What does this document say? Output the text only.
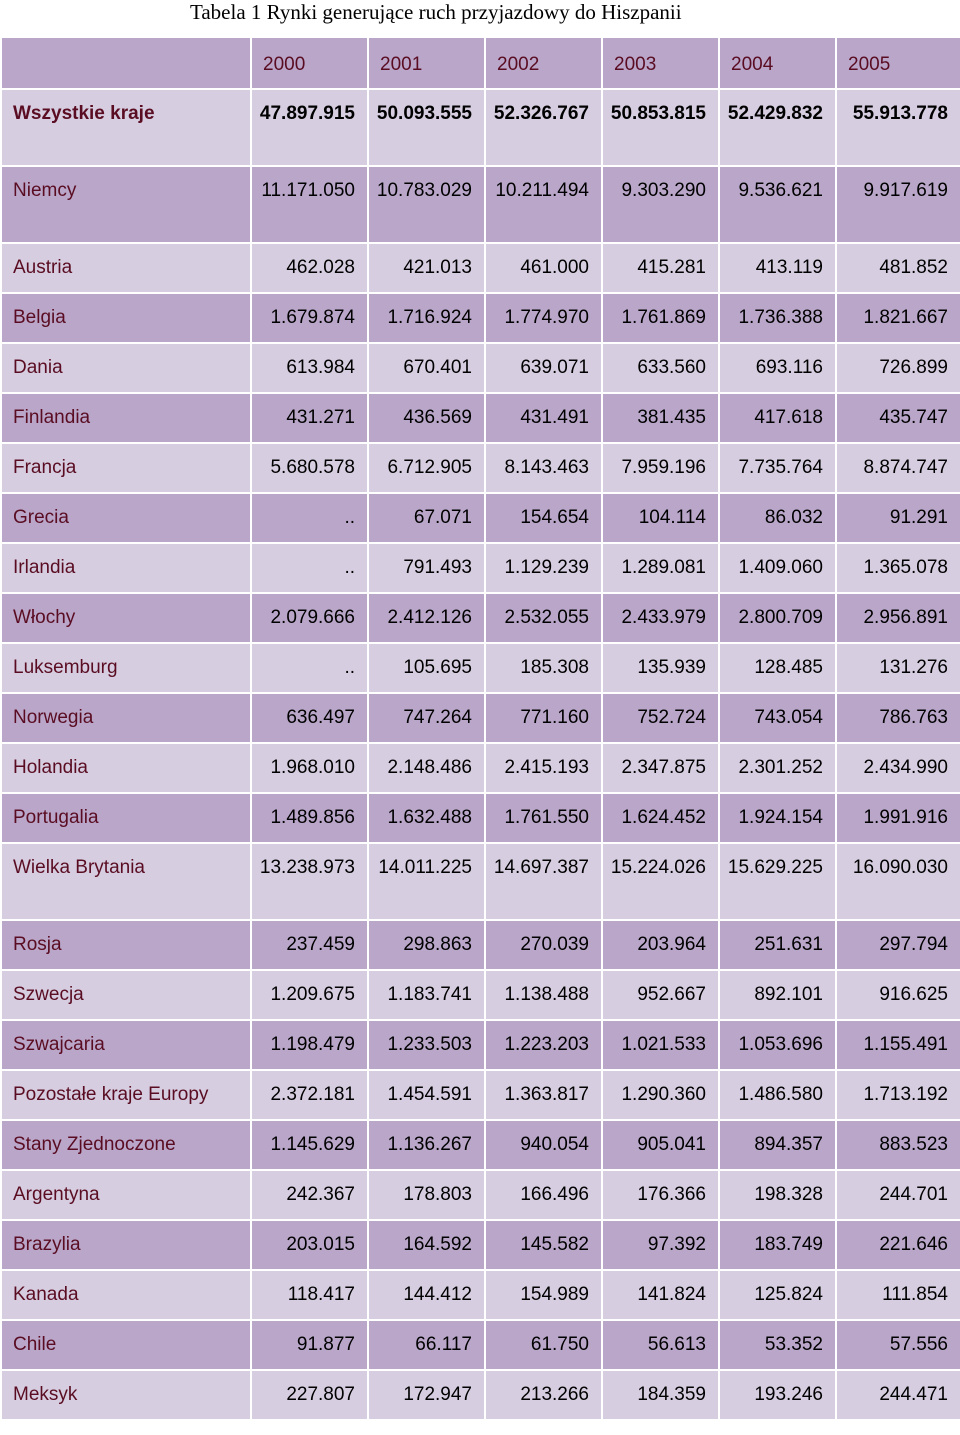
Tabela 1 Rynki generujące ruch przyjazdowy do Hiszpanii
	2000	2001	2002	2003	2004	2005
Wszystkie kraje	47.897.915	50.093.555	52.326.767	50.853.815	52.429.832	55.913.778
Niemcy	11.171.050	10.783.029	10.211.494	9.303.290	9.536.621	9.917.619
Austria	462.028	421.013	461.000	415.281	413.119	481.852
Belgia	1.679.874	1.716.924	1.774.970	1.761.869	1.736.388	1.821.667
Dania	613.984	670.401	639.071	633.560	693.116	726.899
Finlandia	431.271	436.569	431.491	381.435	417.618	435.747
Francja	5.680.578	6.712.905	8.143.463	7.959.196	7.735.764	8.874.747
Grecia	..	67.071	154.654	104.114	86.032	91.291
Irlandia	..	791.493	1.129.239	1.289.081	1.409.060	1.365.078
Włochy	2.079.666	2.412.126	2.532.055	2.433.979	2.800.709	2.956.891
Luksemburg	..	105.695	185.308	135.939	128.485	131.276
Norwegia	636.497	747.264	771.160	752.724	743.054	786.763
Holandia	1.968.010	2.148.486	2.415.193	2.347.875	2.301.252	2.434.990
Portugalia	1.489.856	1.632.488	1.761.550	1.624.452	1.924.154	1.991.916
Wielka Brytania	13.238.973	14.011.225	14.697.387	15.224.026	15.629.225	16.090.030
Rosja	237.459	298.863	270.039	203.964	251.631	297.794
Szwecja	1.209.675	1.183.741	1.138.488	952.667	892.101	916.625
Szwajcaria	1.198.479	1.233.503	1.223.203	1.021.533	1.053.696	1.155.491
Pozostałe kraje Europy	2.372.181	1.454.591	1.363.817	1.290.360	1.486.580	1.713.192
Stany Zjednoczone	1.145.629	1.136.267	940.054	905.041	894.357	883.523
Argentyna	242.367	178.803	166.496	176.366	198.328	244.701
Brazylia	203.015	164.592	145.582	97.392	183.749	221.646
Kanada	118.417	144.412	154.989	141.824	125.824	111.854
Chile	91.877	66.117	61.750	56.613	53.352	57.556
Meksyk	227.807	172.947	213.266	184.359	193.246	244.471
